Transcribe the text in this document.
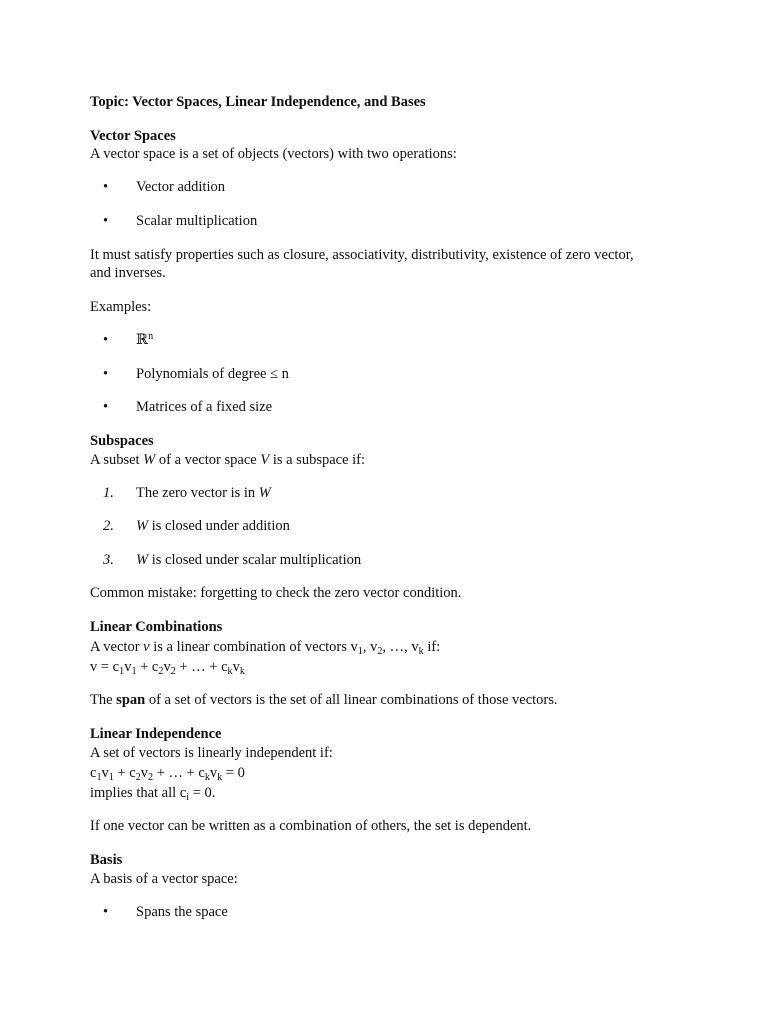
Topic: Vector Spaces, Linear Independence, and Bases
Vector Spaces
A vector space is a set of objects (vectors) with two operations:
•	Vector addition
•	Scalar multiplication
It must satisfy properties such as closure, associativity, distributivity, existence of zero vector,
and inverses.
Examples:
•	ℝ$^n$
•	Polynomials of degree ≤ n
•	Matrices of a fixed size
Subspaces
A subset W of a vector space V is a subspace if:
1.	The zero vector is in W
2.	W is closed under addition
3.	W is closed under scalar multiplication
Common mistake: forgetting to check the zero vector condition.
Linear Combinations
A vector v is a linear combination of vectors $v_1$, $v_2$, …, $v_k$ if:
$v = c_1v_1 + c_2v_2$ + … + $c_kv_k$
The span of a set of vectors is the set of all linear combinations of those vectors.
Linear Independence
A set of vectors is linearly independent if:
$c_1v_1 + c_2v_2$ + … + $c_kv_k = 0$
implies that all $c_i = 0$.
If one vector can be written as a combination of others, the set is dependent.
Basis
A basis of a vector space:
•	Spans the space
